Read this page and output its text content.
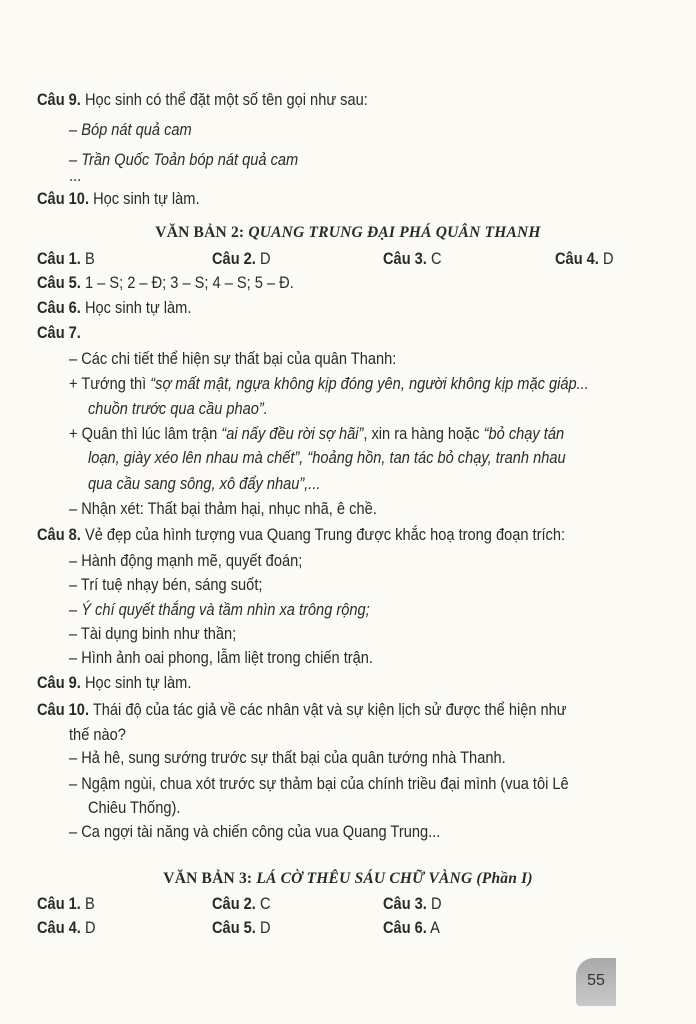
Câu 9. Học sinh có thể đặt một số tên gọi như sau:
– Bóp nát quả cam
– Trần Quốc Toản bóp nát quả cam
...
Câu 10. Học sinh tự làm.
VĂN BẢN 2: QUANG TRUNG ĐẠI PHÁ QUÂN THANH
Câu 1. B	Câu 2. D	Câu 3. C	Câu 4. D
Câu 5. 1 – S; 2 – Đ; 3 – S; 4 – S; 5 – Đ.
Câu 6. Học sinh tự làm.
Câu 7.
– Các chi tiết thể hiện sự thất bại của quân Thanh:
+ Tướng thì “sợ mất mật, ngựa không kịp đóng yên, người không kịp mặc giáp...
chuồn trước qua cầu phao”.
+ Quân thì lúc lâm trận “ai nấy đều rời sợ hãi”, xin ra hàng hoặc “bỏ chạy tán
loạn, giày xéo lên nhau mà chết”, “hoảng hồn, tan tác bỏ chạy, tranh nhau
qua cầu sang sông, xô đẩy nhau”,...
– Nhận xét: Thất bại thảm hại, nhục nhã, ê chề.
Câu 8. Vẻ đẹp của hình tượng vua Quang Trung được khắc hoạ trong đoạn trích:
– Hành động mạnh mẽ, quyết đoán;
– Trí tuệ nhạy bén, sáng suốt;
– Ý chí quyết thắng và tầm nhìn xa trông rộng;
– Tài dụng binh như thần;
– Hình ảnh oai phong, lẫm liệt trong chiến trận.
Câu 9. Học sinh tự làm.
Câu 10. Thái độ của tác giả về các nhân vật và sự kiện lịch sử được thể hiện như
thế nào?
– Hả hê, sung sướng trước sự thất bại của quân tướng nhà Thanh.
– Ngậm ngùi, chua xót trước sự thảm bại của chính triều đại mình (vua tôi Lê
Chiêu Thống).
– Ca ngợi tài năng và chiến công của vua Quang Trung...
VĂN BẢN 3: LÁ CỜ THÊU SÁU CHỮ VÀNG (Phần I)
Câu 1. B	Câu 2. C	Câu 3. D
Câu 4. D	Câu 5. D	Câu 6. A
55
